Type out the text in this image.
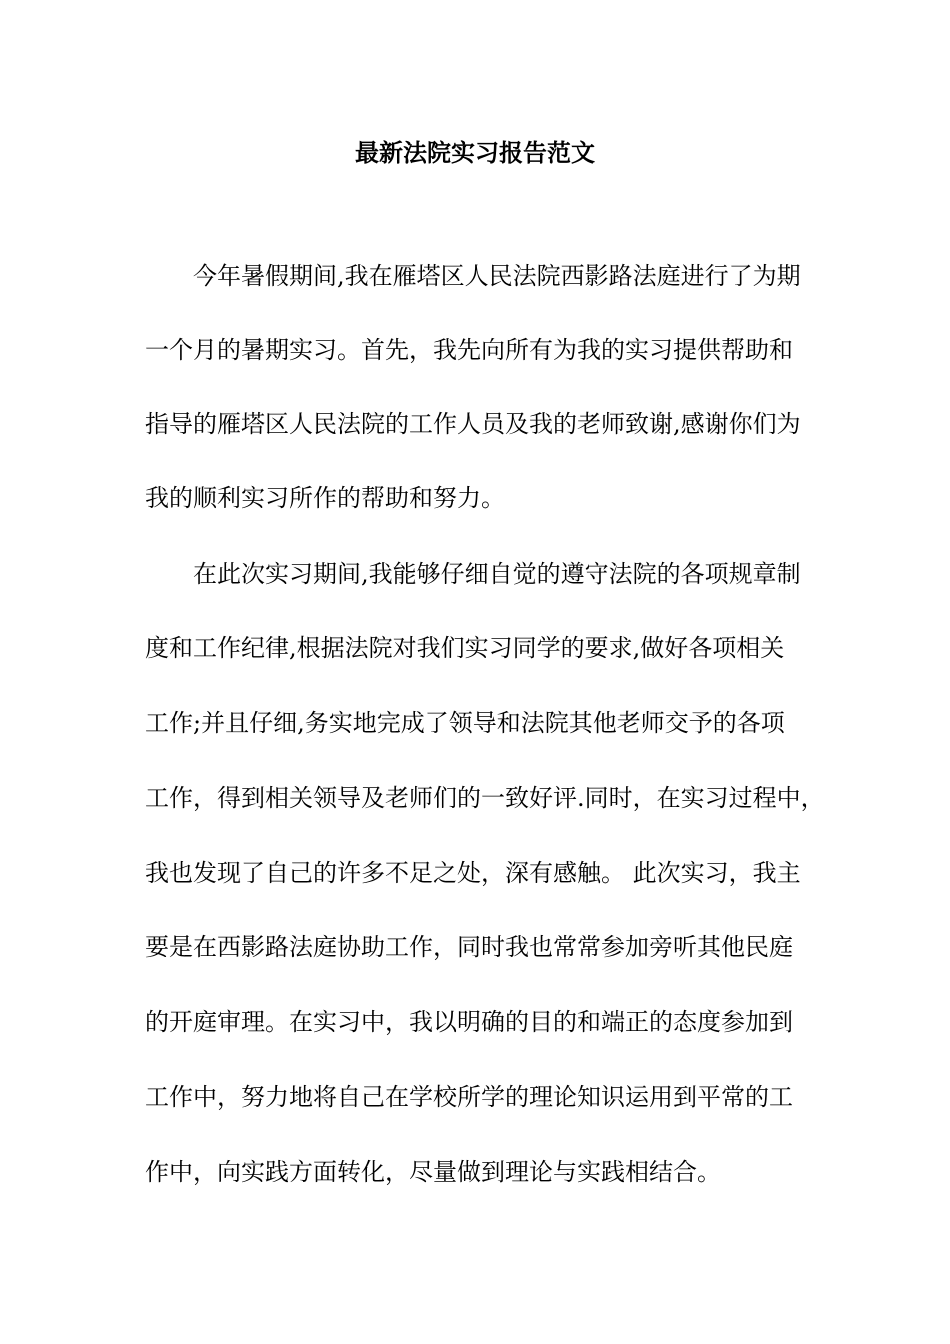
最新法院实习报告范文

今年暑假期间,我在雁塔区人民法院西影路法庭进行了为期

一个月的暑期实习。首先，我先向所有为我的实习提供帮助和

指导的雁塔区人民法院的工作人员及我的老师致谢,感谢你们为

我的顺利实习所作的帮助和努力。

在此次实习期间,我能够仔细自觉的遵守法院的各项规章制

度和工作纪律,根据法院对我们实习同学的要求,做好各项相关

工作;并且仔细,务实地完成了领导和法院其他老师交予的各项

工作，得到相关领导及老师们的一致好评.同时，在实习过程中，

我也发现了自己的许多不足之处，深有感触。 此次实习，我主

要是在西影路法庭协助工作，同时我也常常参加旁听其他民庭

的开庭审理。在实习中，我以明确的目的和端正的态度参加到

工作中，努力地将自己在学校所学的理论知识运用到平常的工

作中，向实践方面转化，尽量做到理论与实践相结合。
